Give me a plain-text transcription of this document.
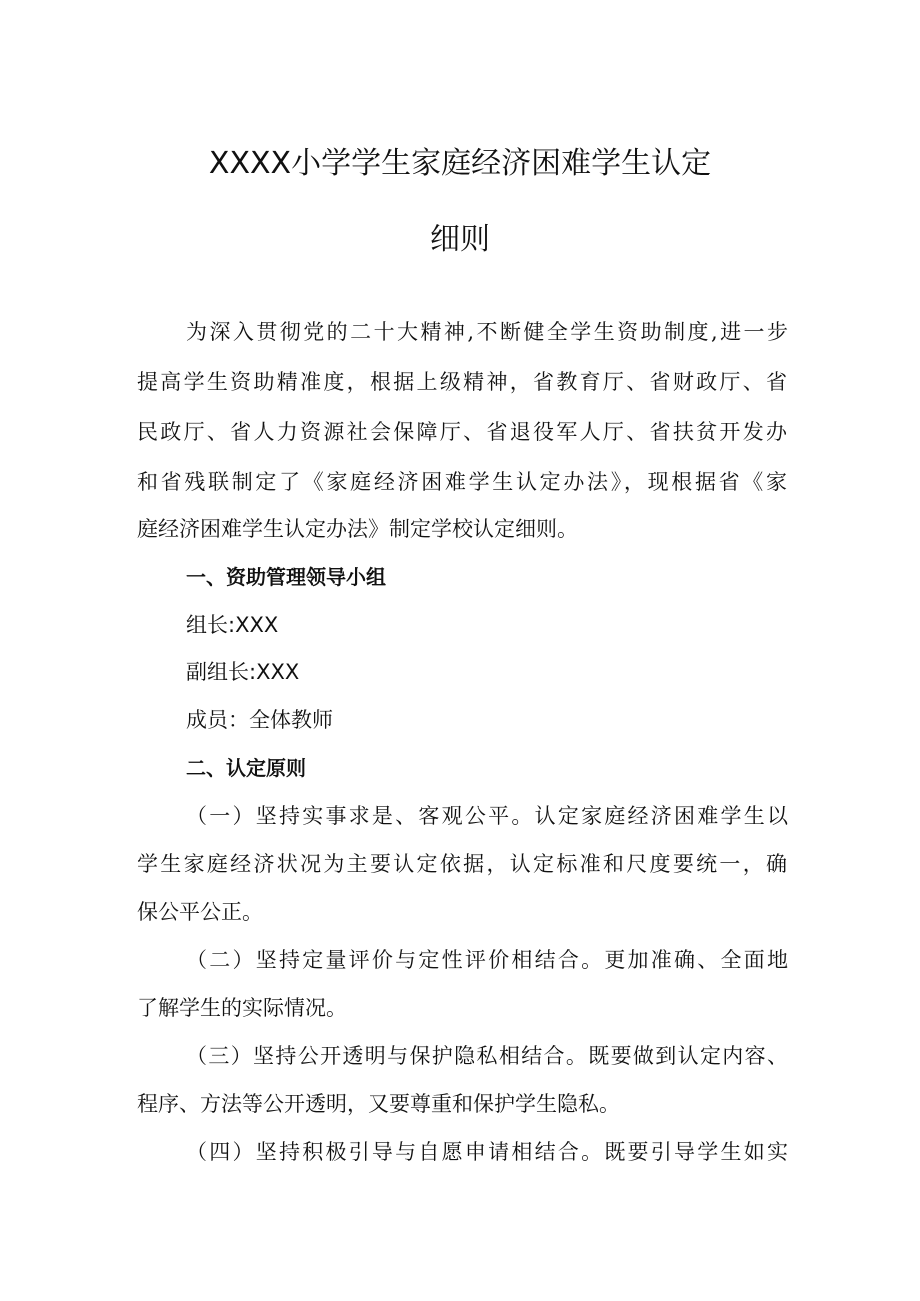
XXXX小学学生家庭经济困难学生认定
细则
为深入贯彻党的二十大精神,不断健全学生资助制度,进一步
提高学生资助精准度，根据上级精神，省教育厅、省财政厅、省
民政厅、省人力资源社会保障厅、省退役军人厅、省扶贫开发办
和省残联制定了《家庭经济困难学生认定办法》，现根据省《家
庭经济困难学生认定办法》制定学校认定细则。
一、资助管理领导小组
组长:XXX
副组长:XXX
成员：全体教师
二、认定原则
（一）坚持实事求是、客观公平。认定家庭经济困难学生以
学生家庭经济状况为主要认定依据，认定标准和尺度要统一，确
保公平公正。
（二）坚持定量评价与定性评价相结合。更加准确、全面地
了解学生的实际情况。
（三）坚持公开透明与保护隐私相结合。既要做到认定内容、
程序、方法等公开透明，又要尊重和保护学生隐私。
（四）坚持积极引导与自愿申请相结合。既要引导学生如实
